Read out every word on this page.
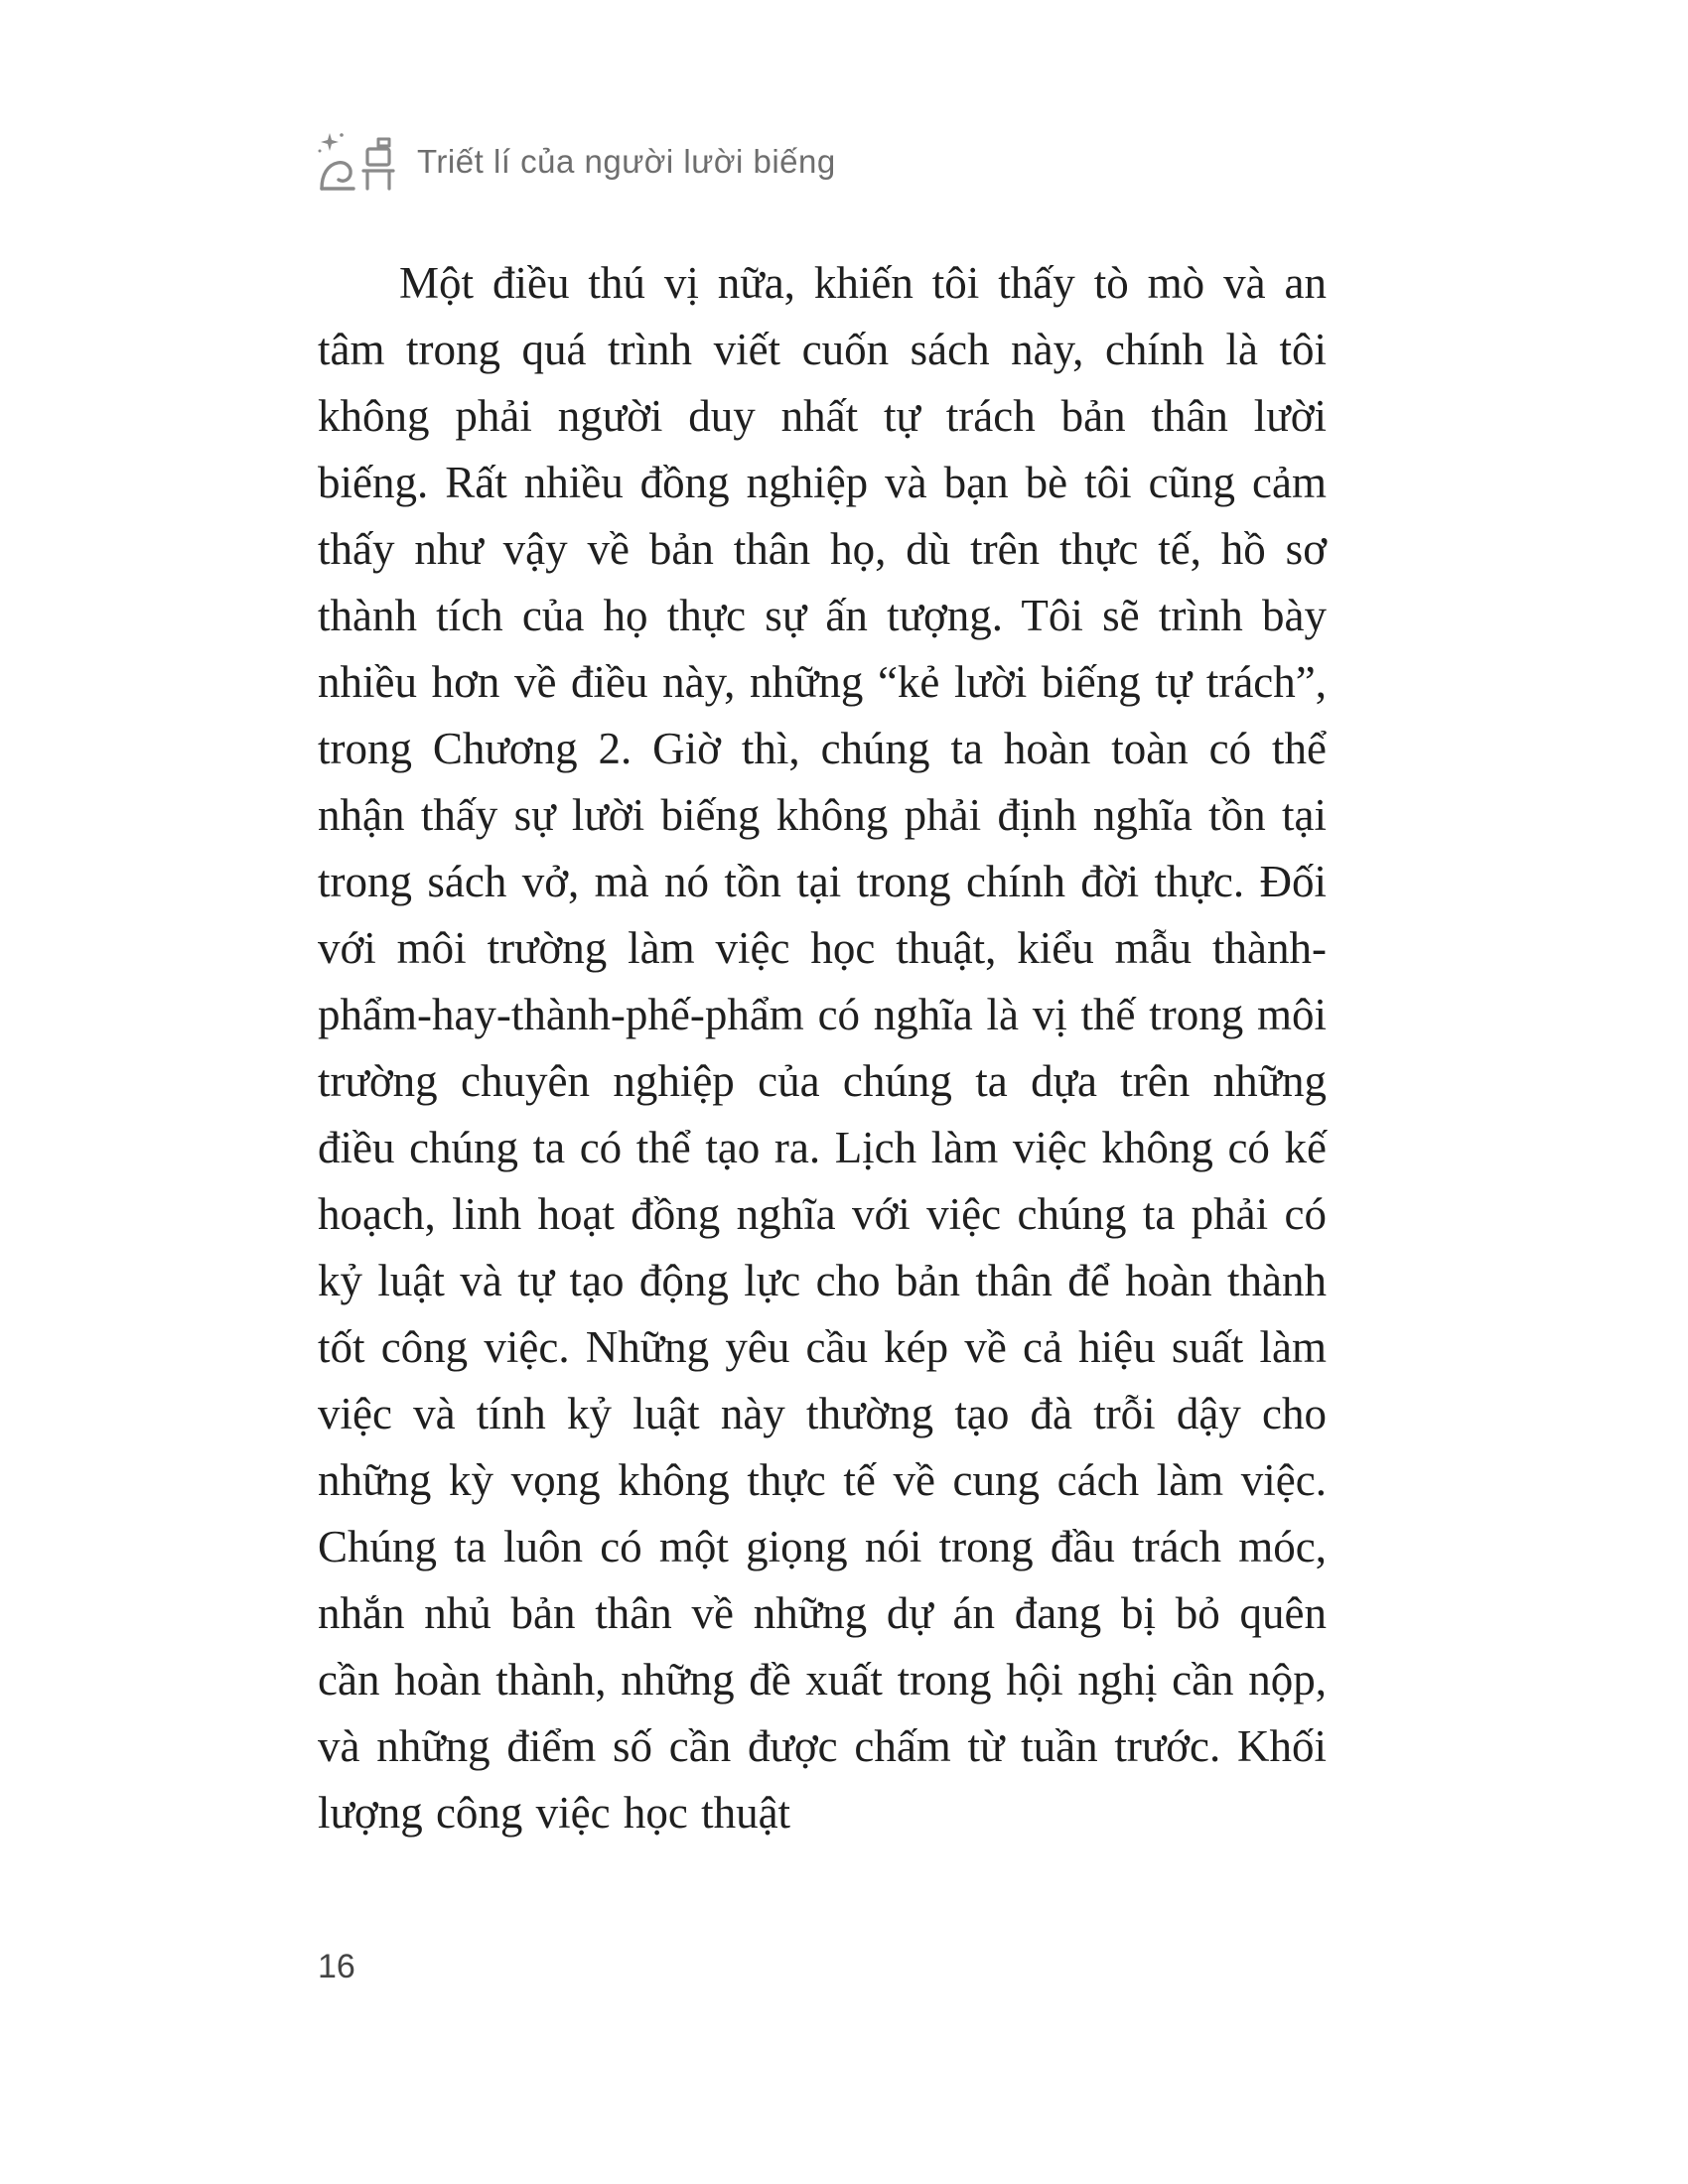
Triết lí của người lười biếng

Một điều thú vị nữa, khiến tôi thấy tò mò và an tâm trong quá trình viết cuốn sách này, chính là tôi không phải người duy nhất tự trách bản thân lười biếng. Rất nhiều đồng nghiệp và bạn bè tôi cũng cảm thấy như vậy về bản thân họ, dù trên thực tế, hồ sơ thành tích của họ thực sự ấn tượng. Tôi sẽ trình bày nhiều hơn về điều này, những “kẻ lười biếng tự trách”, trong Chương 2. Giờ thì, chúng ta hoàn toàn có thể nhận thấy sự lười biếng không phải định nghĩa tồn tại trong sách vở, mà nó tồn tại trong chính đời thực. Đối với môi trường làm việc học thuật, kiểu mẫu thành-phẩm-hay-thành-phế-phẩm có nghĩa là vị thế trong môi trường chuyên nghiệp của chúng ta dựa trên những điều chúng ta có thể tạo ra. Lịch làm việc không có kế hoạch, linh hoạt đồng nghĩa với việc chúng ta phải có kỷ luật và tự tạo động lực cho bản thân để hoàn thành tốt công việc. Những yêu cầu kép về cả hiệu suất làm việc và tính kỷ luật này thường tạo đà trỗi dậy cho những kỳ vọng không thực tế về cung cách làm việc. Chúng ta luôn có một giọng nói trong đầu trách móc, nhắn nhủ bản thân về những dự án đang bị bỏ quên cần hoàn thành, những đề xuất trong hội nghị cần nộp, và những điểm số cần được chấm từ tuần trước. Khối lượng công việc học thuật

16
